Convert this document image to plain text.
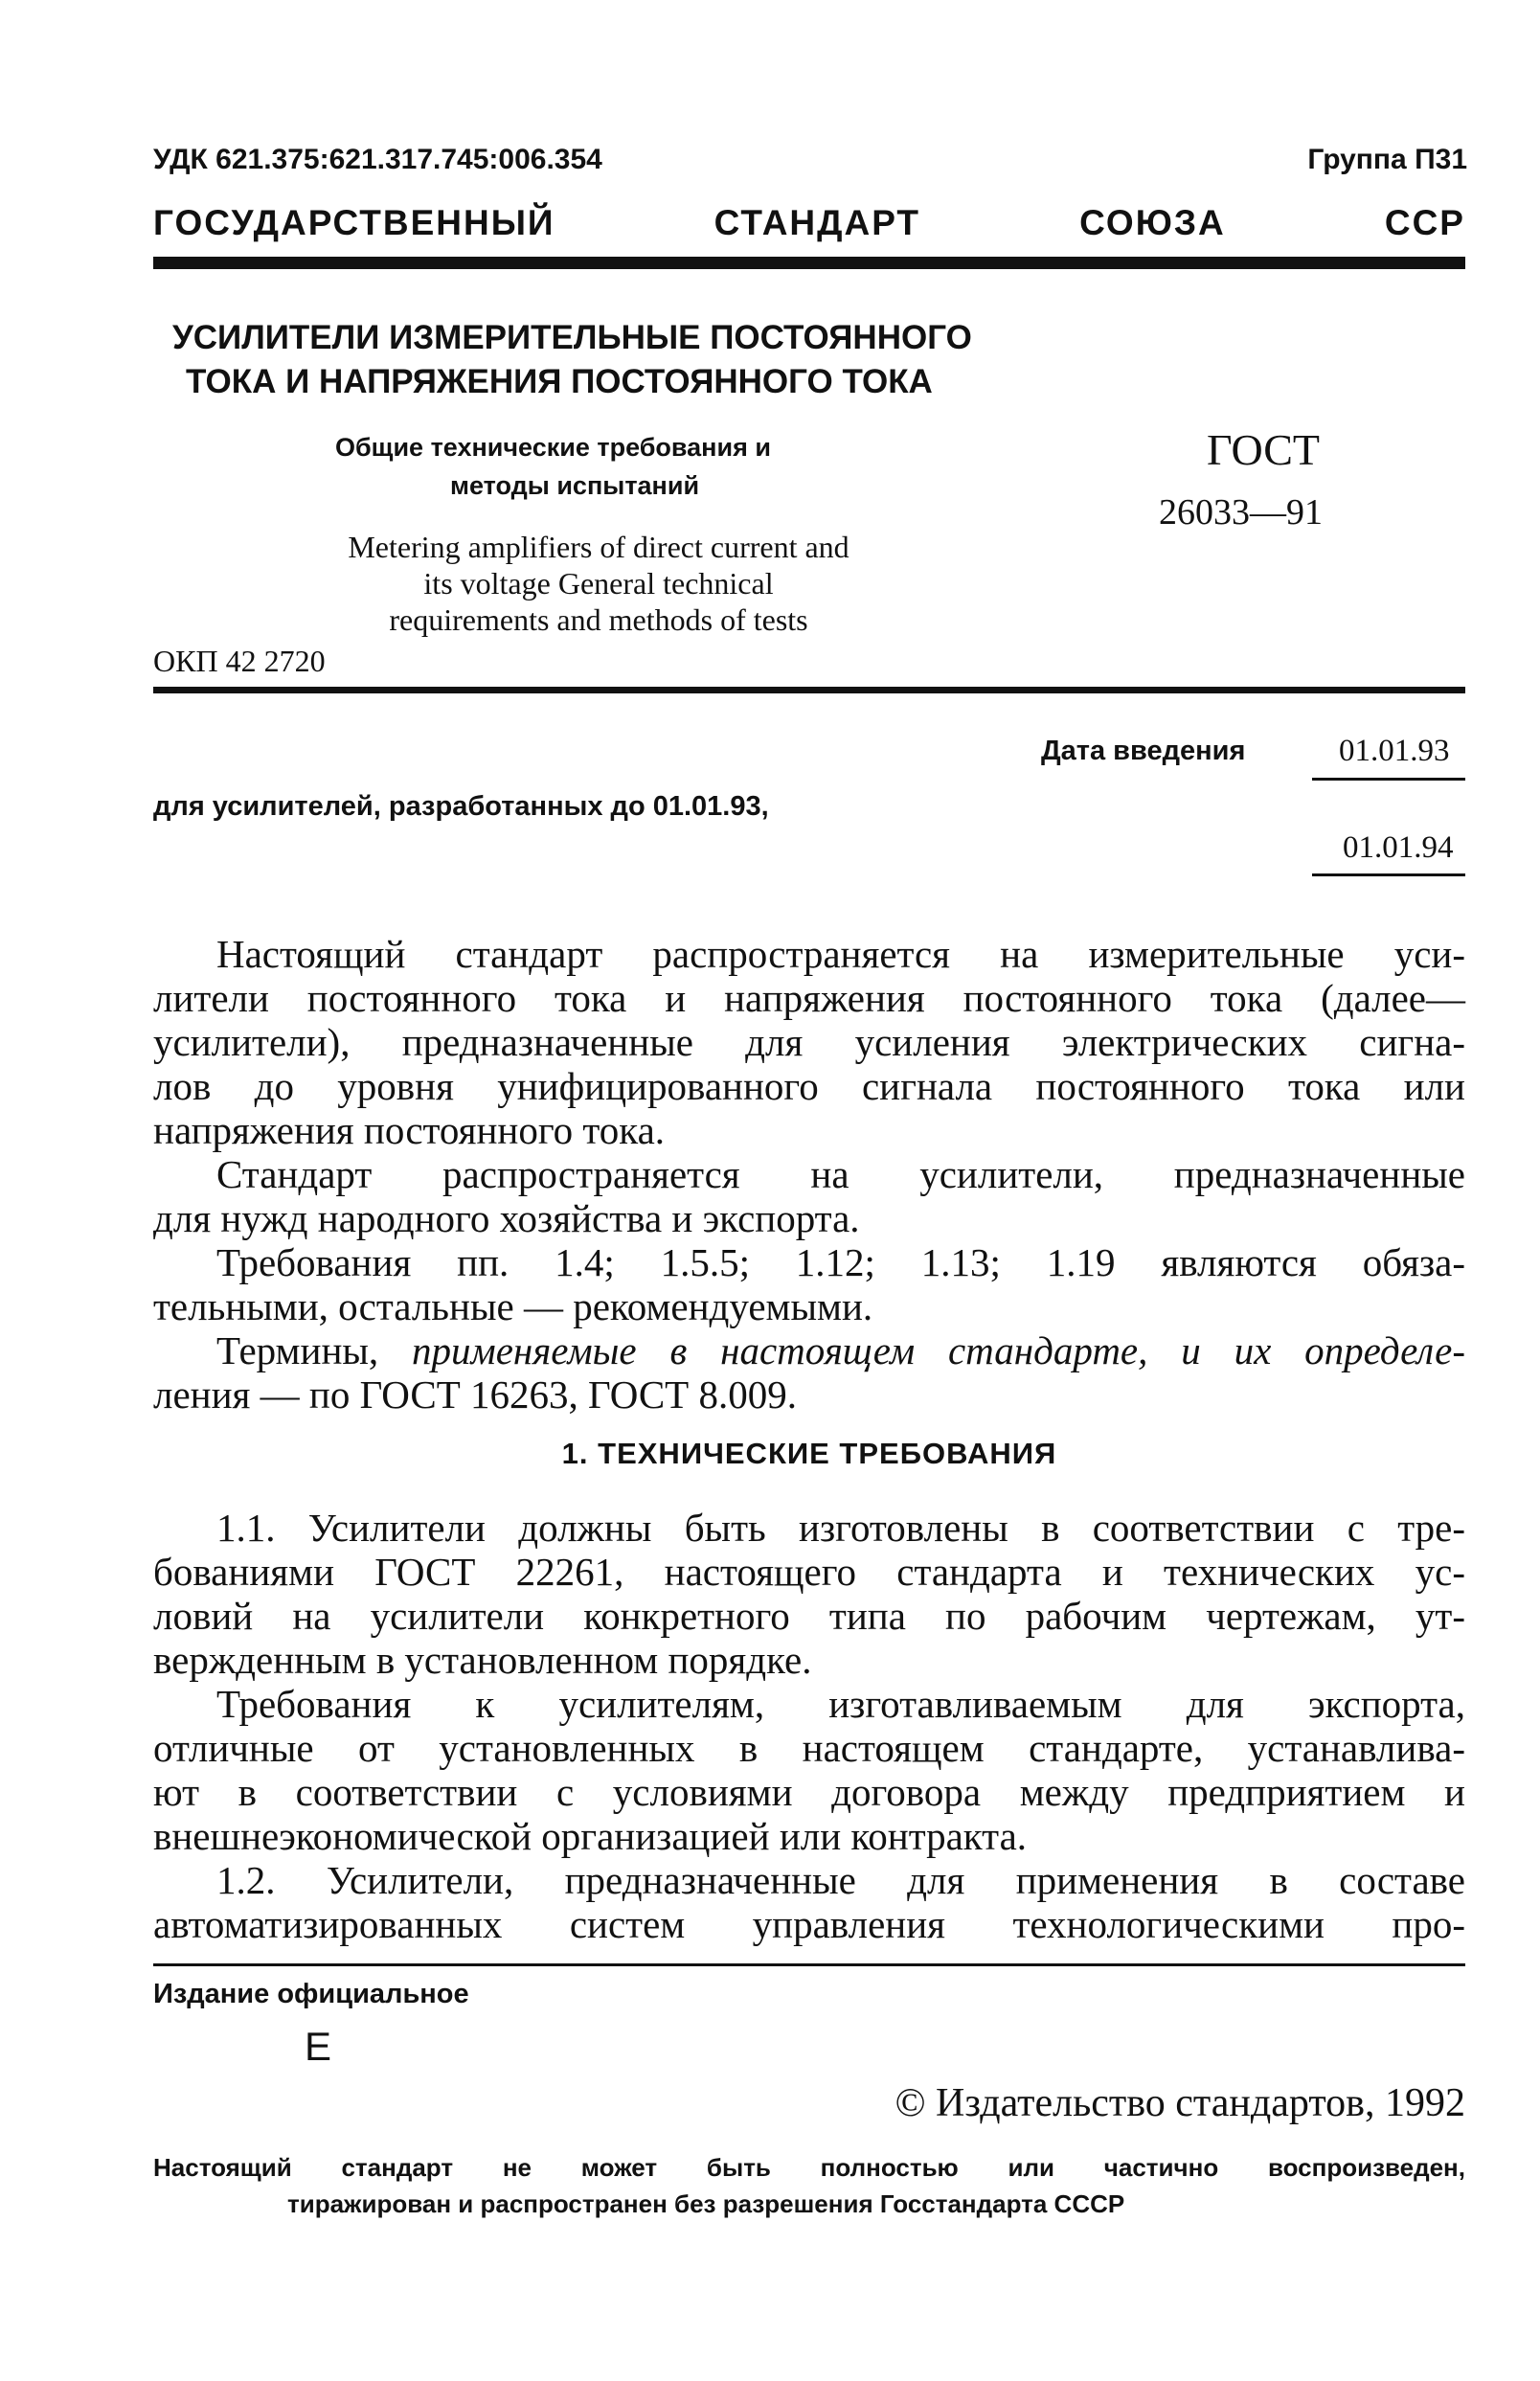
УДК 621.375:621.317.745:006.354	Группа П31
ГОСУДАРСТВЕННЫЙ СТАНДАРТ СОЮЗА ССР
УСИЛИТЕЛИ ИЗМЕРИТЕЛЬНЫЕ ПОСТОЯННОГО
ТОКА И НАПРЯЖЕНИЯ ПОСТОЯННОГО ТОКА
Общие технические требования и
методы испытаний
Metering amplifiers of direct current and
its voltage General technical
requirements and methods of tests
ОКП 42 2720
ГОСТ
26033—91
Дата введения	01.01.93
для усилителей, разработанных до 01.01.93,
01.01.94
Настоящий стандарт распространяется на измерительные уси-
лители постоянного тока и напряжения постоянного тока (далее—
усилители), предназначенные для усиления электрических сигна-
лов до уровня унифицированного сигнала постоянного тока или
напряжения постоянного тока.
Стандарт распространяется на усилители, предназначенные
для нужд народного хозяйства и экспорта.
Требования пп. 1.4; 1.5.5; 1.12; 1.13; 1.19 являются обяза-
тельными, остальные — рекомендуемыми.
Термины, применяемые в настоящем стандарте, и их определе-
ления — по ГОСТ 16263, ГОСТ 8.009.
1. ТЕХНИЧЕСКИЕ ТРЕБОВАНИЯ
1.1. Усилители должны быть изготовлены в соответствии с тре-
бованиями ГОСТ 22261, настоящего стандарта и технических ус-
ловий на усилители конкретного типа по рабочим чертежам, ут-
вержденным в установленном порядке.
Требования к усилителям, изготавливаемым для экспорта,
отличные от установленных в настоящем стандарте, устанавлива-
ют в соответствии с условиями договора между предприятием и
внешнеэкономической организацией или контракта.
1.2. Усилители, предназначенные для применения в составе
автоматизированных систем управления технологическими про-
Издание официальное
Е
© Издательство стандартов, 1992
Настоящий стандарт не может быть полностью или частично воспроизведен,
тиражирован и распространен без разрешения Госстандарта СССР
